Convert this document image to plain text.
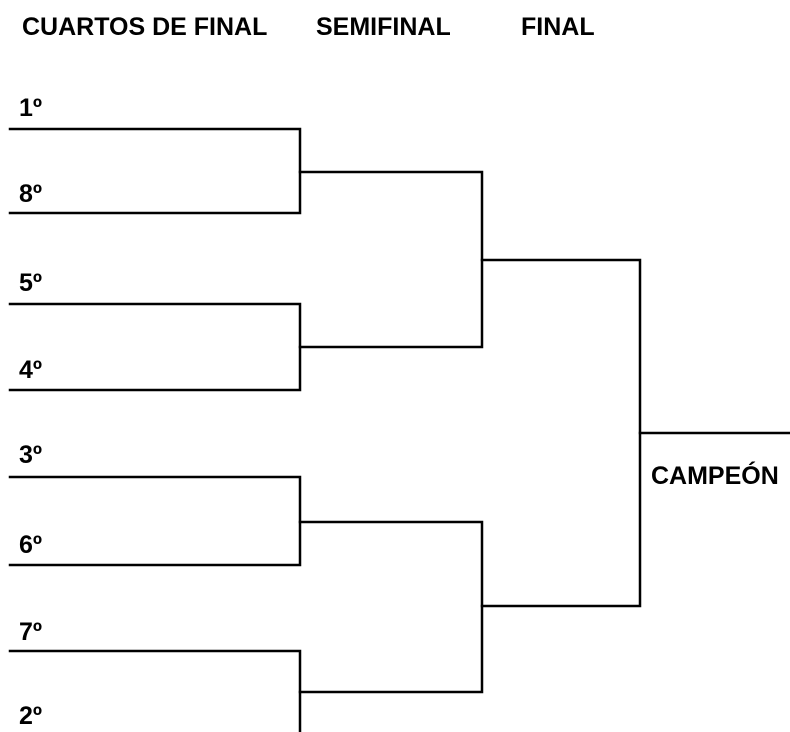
CUARTOS DE FINAL SEMIFINAL	FINAL
1º
8º
5º
4º
3º
6º
7º
2º
CAMPEÓN
